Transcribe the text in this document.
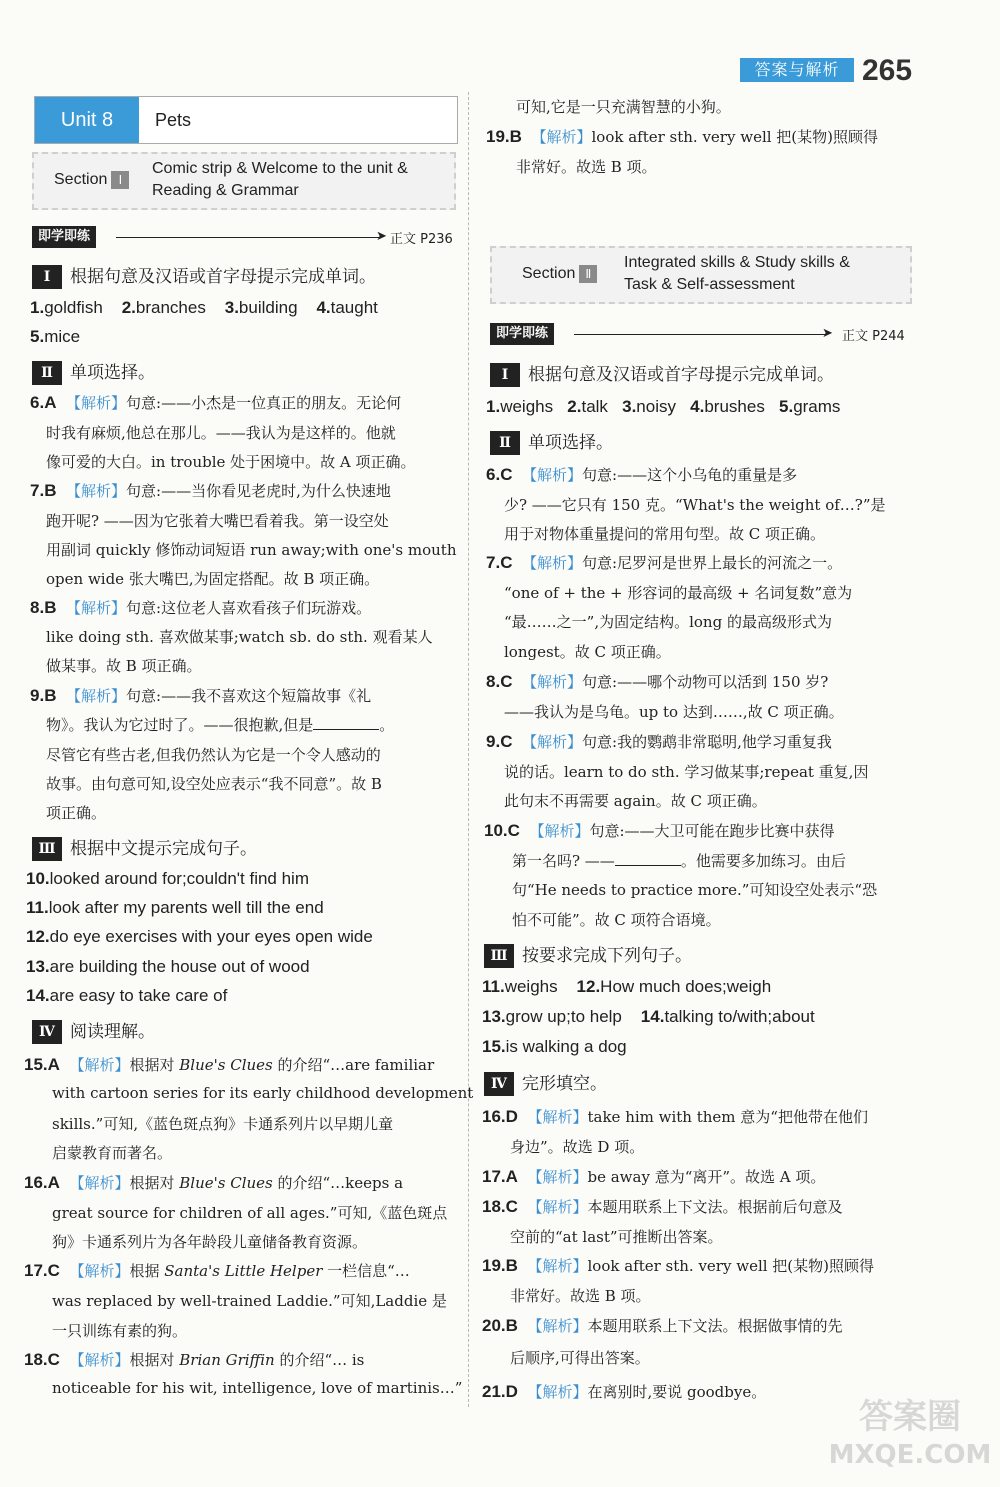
答案与解析 265
Unit 8	Pets
Section Ⅰ
Comic strip & Welcome to the unit &
Reading & Grammar
即学即练	➤ 正文 P236
Ⅰ 根据句意及汉语或首字母提示完成单词。
1.goldfish 2.branches 3.building 4.taught
5.mice
Ⅱ 单项选择。
6.A 【解析】句意:——小杰是一位真正的朋友。无论何
时我有麻烦,他总在那儿。——我认为是这样的。他就
像可爱的大白。in trouble 处于困境中。故 A 项正确。
7.B 【解析】句意:——当你看见老虎时,为什么快速地
跑开呢? ——因为它张着大嘴巴看着我。第一设空处
用副词 quickly 修饰动词短语 run away;with one's mouth
open wide 张大嘴巴,为固定搭配。故 B 项正确。
8.B 【解析】句意:这位老人喜欢看孩子们玩游戏。
like doing sth. 喜欢做某事;watch sb. do sth. 观看某人
做某事。故 B 项正确。
9.B 【解析】句意:——我不喜欢这个短篇故事《礼
物》。我认为它过时了。——很抱歉,但是	。
尽管它有些古老,但我仍然认为它是一个令人感动的
故事。由句意可知,设空处应表示“我不同意”。故 B
项正确。
Ⅲ 根据中文提示完成句子。
10.looked around for;couldn't find him
11.look after my parents well till the end
12.do eye exercises with your eyes open wide
13.are building the house out of wood
14.are easy to take care of
Ⅳ 阅读理解。
15.A 【解析】根据对 Blue's Clues 的介绍“…are familiar
with cartoon series for its early childhood development
skills.”可知,《蓝色斑点狗》卡通系列片以早期儿童
启蒙教育而著名。
16.A 【解析】根据对 Blue's Clues 的介绍“…keeps a
great source for children of all ages.”可知,《蓝色斑点
狗》卡通系列片为各年龄段儿童储备教育资源。
17.C 【解析】根据 Santa's Little Helper 一栏信息“…
was replaced by well-trained Laddie.”可知,Laddie 是
一只训练有素的狗。
18.C 【解析】根据对 Brian Griffin 的介绍“… is
noticeable for his wit, intelligence, love of martinis…”
可知,它是一只充满智慧的小狗。
19.B 【解析】look after sth. very well 把(某物)照顾得
非常好。故选 B 项。
Section Ⅱ
Integrated skills & Study skills &
Task & Self-assessment
即学即练	➤ 正文 P244
Ⅰ 根据句意及汉语或首字母提示完成单词。
1.weighs 2.talk 3.noisy 4.brushes 5.grams
Ⅱ 单项选择。
6.C 【解析】句意:——这个小乌龟的重量是多
少? ——它只有 150 克。“What's the weight of…?”是
用于对物体重量提问的常用句型。故 C 项正确。
7.C 【解析】句意:尼罗河是世界上最长的河流之一。
“one of + the + 形容词的最高级 + 名词复数”意为
“最……之一”,为固定结构。long 的最高级形式为
longest。故 C 项正确。
8.C 【解析】句意:——哪个动物可以活到 150 岁?
——我认为是乌龟。up to 达到……,故 C 项正确。
9.C 【解析】句意:我的鹦鹉非常聪明,他学习重复我
说的话。learn to do sth. 学习做某事;repeat 重复,因
此句末不再需要 again。故 C 项正确。
10.C 【解析】句意:——大卫可能在跑步比赛中获得
第一名吗? ——	。他需要多加练习。由后
句“He needs to practice more.”可知设空处表示“恐
怕不可能”。故 C 项符合语境。
Ⅲ 按要求完成下列句子。
11.weighs 12.How much does;weigh
13.grow up;to help 14.talking to/with;about
15.is walking a dog
Ⅳ 完形填空。
16.D 【解析】take him with them 意为“把他带在他们
身边”。故选 D 项。
17.A 【解析】be away 意为“离开”。故选 A 项。
18.C 【解析】本题用联系上下文法。根据前后句意及
空前的“at last”可推断出答案。
19.B 【解析】look after sth. very well 把(某物)照顾得
非常好。故选 B 项。
20.B 【解析】本题用联系上下文法。根据做事情的先
后顺序,可得出答案。
21.D 【解析】在离别时,要说 goodbye。
答案圈
MXQE.COM
